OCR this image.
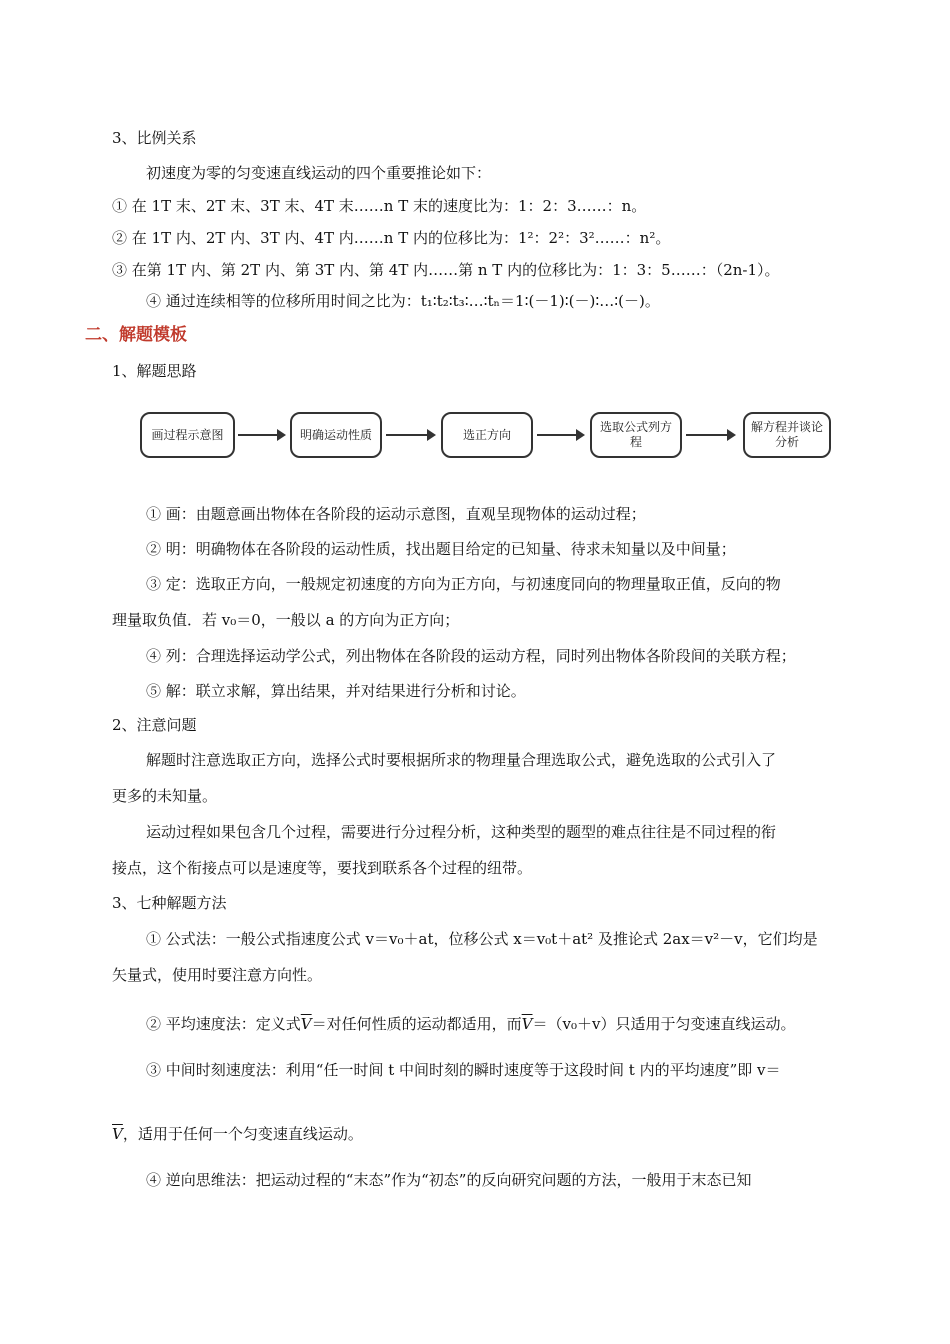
3、比例关系
初速度为零的匀变速直线运动的四个重要推论如下：
① 在 1T 末、2T 末、3T 末、4T 末……n T 末的速度比为：1：2：3……：n。
② 在 1T 内、2T 内、3T 内、4T 内……n T 内的位移比为：1²：2²：3²……：n²。
③ 在第 1T 内、第 2T 内、第 3T 内、第 4T 内……第 n T 内的位移比为：1：3：5……：（2n-1）。
④ 通过连续相等的位移所用时间之比为：t₁∶t₂∶t₃∶…∶tₙ＝1∶(－1)∶(－)∶…∶(－)。
二、解题模板
1、解题思路
画过程示意图	明确运动性质	选正方向
选取公式列方程
解方程并谈论分析
① 画：由题意画出物体在各阶段的运动示意图，直观呈现物体的运动过程；
② 明：明确物体在各阶段的运动性质，找出题目给定的已知量、待求未知量以及中间量；
③ 定：选取正方向，一般规定初速度的方向为正方向，与初速度同向的物理量取正值，反向的物
理量取负值．若 v₀＝0，一般以 a 的方向为正方向；
④ 列：合理选择运动学公式，列出物体在各阶段的运动方程，同时列出物体各阶段间的关联方程；
⑤ 解：联立求解，算出结果，并对结果进行分析和讨论。
2、注意问题
解题时注意选取正方向，选择公式时要根据所求的物理量合理选取公式，避免选取的公式引入了
更多的未知量。
运动过程如果包含几个过程，需要进行分过程分析，这种类型的题型的难点往往是不同过程的衔
接点，这个衔接点可以是速度等，要找到联系各个过程的纽带。
3、七种解题方法
① 公式法：一般公式指速度公式 v＝v₀＋at，位移公式 x＝v₀t＋at² 及推论式 2ax＝v²－v，它们均是
矢量式，使用时要注意方向性。
② 平均速度法：定义式$\overline{V}=$对任何性质的运动都适用，而$\overline{V}=(v_0+v)$只适用于匀变速直线运动。
③ 中间时刻速度法：利用“任一时间 t 中间时刻的瞬时速度等于这段时间 t 内的平均速度”即 v＝
$\overline{V}$，适用于任何一个匀变速直线运动。
④ 逆向思维法：把运动过程的“末态”作为“初态”的反向研究问题的方法，一般用于末态已知
